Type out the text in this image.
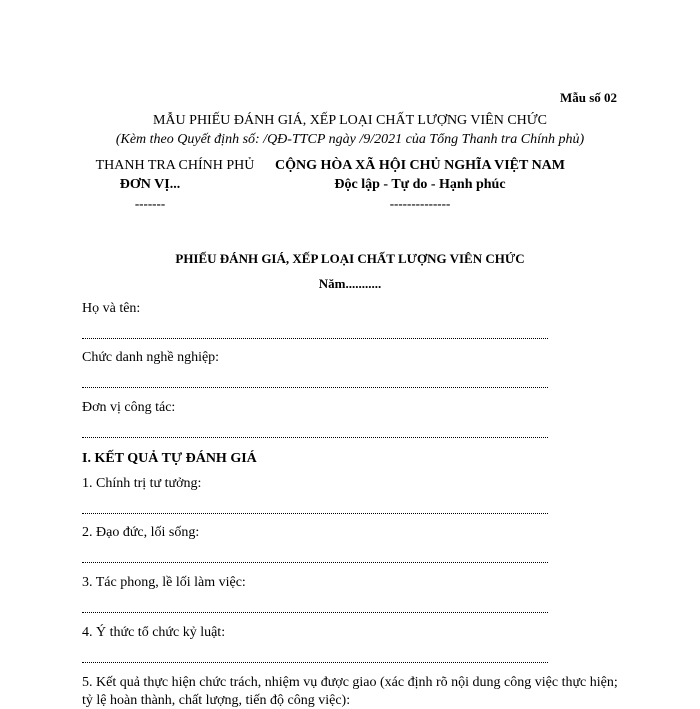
Mẫu số 02
MẪU PHIẾU ĐÁNH GIÁ, XẾP LOẠI CHẤT LƯỢNG VIÊN CHỨC
(Kèm theo Quyết định số: /QĐ-TTCP ngày /9/2021 của Tổng Thanh tra Chính phủ)
THANH TRA CHÍNH PHỦ
ĐƠN VỊ...
-------
CỘNG HÒA XÃ HỘI CHỦ NGHĨA VIỆT NAM
Độc lập - Tự do - Hạnh phúc
--------------
PHIẾU ĐÁNH GIÁ, XẾP LOẠI CHẤT LƯỢNG VIÊN CHỨC
Năm...........
Họ và tên:
Chức danh nghề nghiệp:
Đơn vị công tác:
I. KẾT QUẢ TỰ ĐÁNH GIÁ
1. Chính trị tư tưởng:
2. Đạo đức, lối sống:
3. Tác phong, lề lối làm việc:
4. Ý thức tổ chức kỷ luật:
5. Kết quả thực hiện chức trách, nhiệm vụ được giao (xác định rõ nội dung công việc thực hiện;
tỷ lệ hoàn thành, chất lượng, tiến độ công việc):
